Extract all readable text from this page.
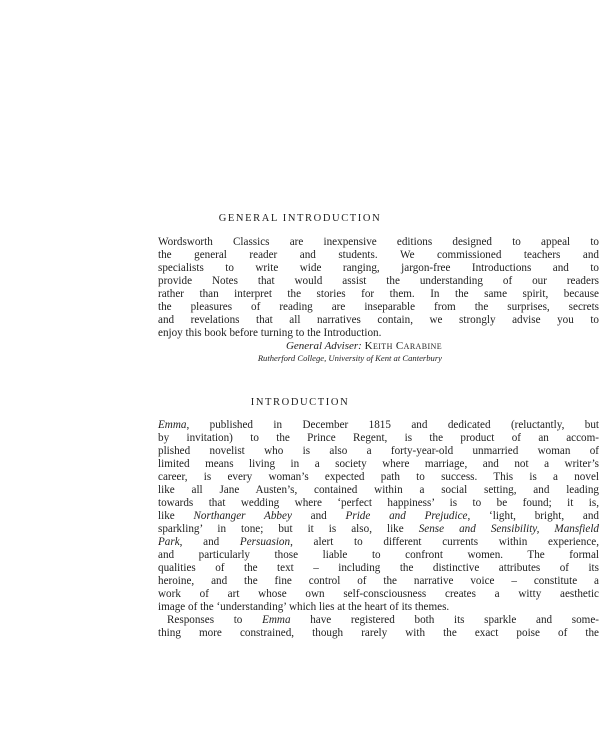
GENERAL INTRODUCTION
Wordsworth Classics are inexpensive editions designed to appeal to
the general reader and students. We commissioned teachers and
specialists to write wide ranging, jargon-free Introductions and to
provide Notes that would assist the understanding of our readers
rather than interpret the stories for them. In the same spirit, because
the pleasures of reading are inseparable from the surprises, secrets
and revelations that all narratives contain, we strongly advise you to
enjoy this book before turning to the Introduction.
General Adviser: Keith Carabine
Rutherford College, University of Kent at Canterbury
INTRODUCTION
Emma, published in December 1815 and dedicated (reluctantly, but
by invitation) to the Prince Regent, is the product of an accom-
plished novelist who is also a forty-year-old unmarried woman of
limited means living in a society where marriage, and not a writer’s
career, is every woman’s expected path to success. This is a novel
like all Jane Austen’s, contained within a social setting, and leading
towards that wedding where ‘perfect happiness’ is to be found; it is,
like Northanger Abbey and Pride and Prejudice, ‘light, bright, and
sparkling’ in tone; but it is also, like Sense and Sensibility, Mansfield
Park, and Persuasion, alert to different currents within experience,
and particularly those liable to confront women. The formal
qualities of the text – including the distinctive attributes of its
heroine, and the fine control of the narrative voice – constitute a
work of art whose own self-consciousness creates a witty aesthetic
image of the ‘understanding’ which lies at the heart of its themes.
Responses to Emma have registered both its sparkle and some-
thing more constrained, though rarely with the exact poise of the
